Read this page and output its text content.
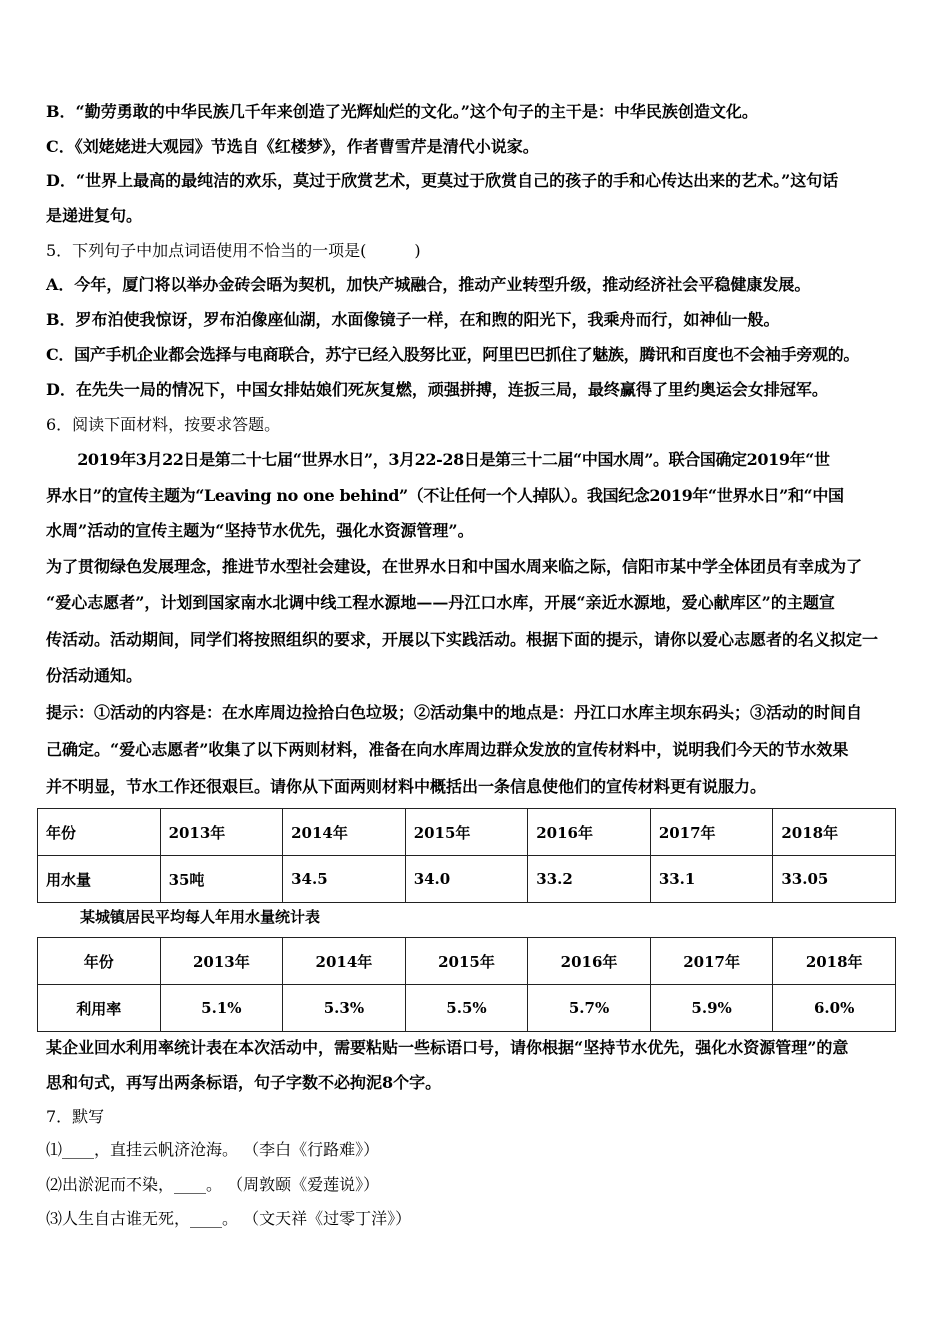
B．“勤劳勇敢的中华民族几千年来创造了光辉灿烂的文化。”这个句子的主干是：中华民族创造文化。
C．《刘姥姥进大观园》节选自《红楼梦》，作者曹雪芹是清代小说家。
D．“世界上最高的最纯洁的欢乐，莫过于欣赏艺术，更莫过于欣赏自己的孩子的手和心传达出来的艺术。”这句话
是递进复句。
5．下列句子中加点词语使用不恰当的一项是(　　　)
A．今年，厦门将以举办金砖会晤为契机，加快产城融合，推动产业转型升级，推动经济社会平稳健康发展。
B．罗布泊使我惊讶，罗布泊像座仙湖，水面像镜子一样，在和煦的阳光下，我乘舟而行，如神仙一般。
C．国产手机企业都会选择与电商联合，苏宁已经入股努比亚，阿里巴巴抓住了魅族，腾讯和百度也不会袖手旁观的。
D．在先失一局的情况下，中国女排姑娘们死灰复燃，顽强拼搏，连扳三局，最终赢得了里约奥运会女排冠军。
6．阅读下面材料，按要求答题。
　　2019年3月22日是第二十七届“世界水日”，3月22-28日是第三十二届“中国水周”。联合国确定2019年“世
界水日”的宣传主题为“Leaving no one behind”（不让任何一个人掉队）。我国纪念2019年“世界水日”和“中国
水周”活动的宣传主题为“坚持节水优先，强化水资源管理”。
为了贯彻绿色发展理念，推进节水型社会建设，在世界水日和中国水周来临之际，信阳市某中学全体团员有幸成为了
“爱心志愿者”，计划到国家南水北调中线工程水源地——丹江口水库，开展“亲近水源地，爱心献库区”的主题宣
传活动。活动期间，同学们将按照组织的要求，开展以下实践活动。根据下面的提示，请你以爱心志愿者的名义拟定一
份活动通知。
提示：①活动的内容是：在水库周边捡拾白色垃圾；②活动集中的地点是：丹江口水库主坝东码头；③活动的时间自
己确定。“爱心志愿者”收集了以下两则材料，准备在向水库周边群众发放的宣传材料中，说明我们今天的节水效果
并不明显，节水工作还很艰巨。请你从下面两则材料中概括出一条信息使他们的宣传材料更有说服力。
年份	2013年	2014年	2015年	2016年	2017年	2018年
用水量	35吨	34.5	34.0	33.2	33.1	33.05
某城镇居民平均每人年用水量统计表
年份	2013年	2014年	2015年	2016年	2017年	2018年
利用率	5.1%	5.3%	5.5%	5.7%	5.9%	6.0%
某企业回水利用率统计表在本次活动中，需要粘贴一些标语口号，请你根据“坚持节水优先，强化水资源管理”的意
思和句式，再写出两条标语，句子字数不必拘泥8个字。
7．默写
⑴____，直挂云帆济沧海。 （李白《行路难》）
⑵出淤泥而不染，____。 （周敦颐《爱莲说》）
⑶人生自古谁无死，____。 （文天祥《过零丁洋》）
